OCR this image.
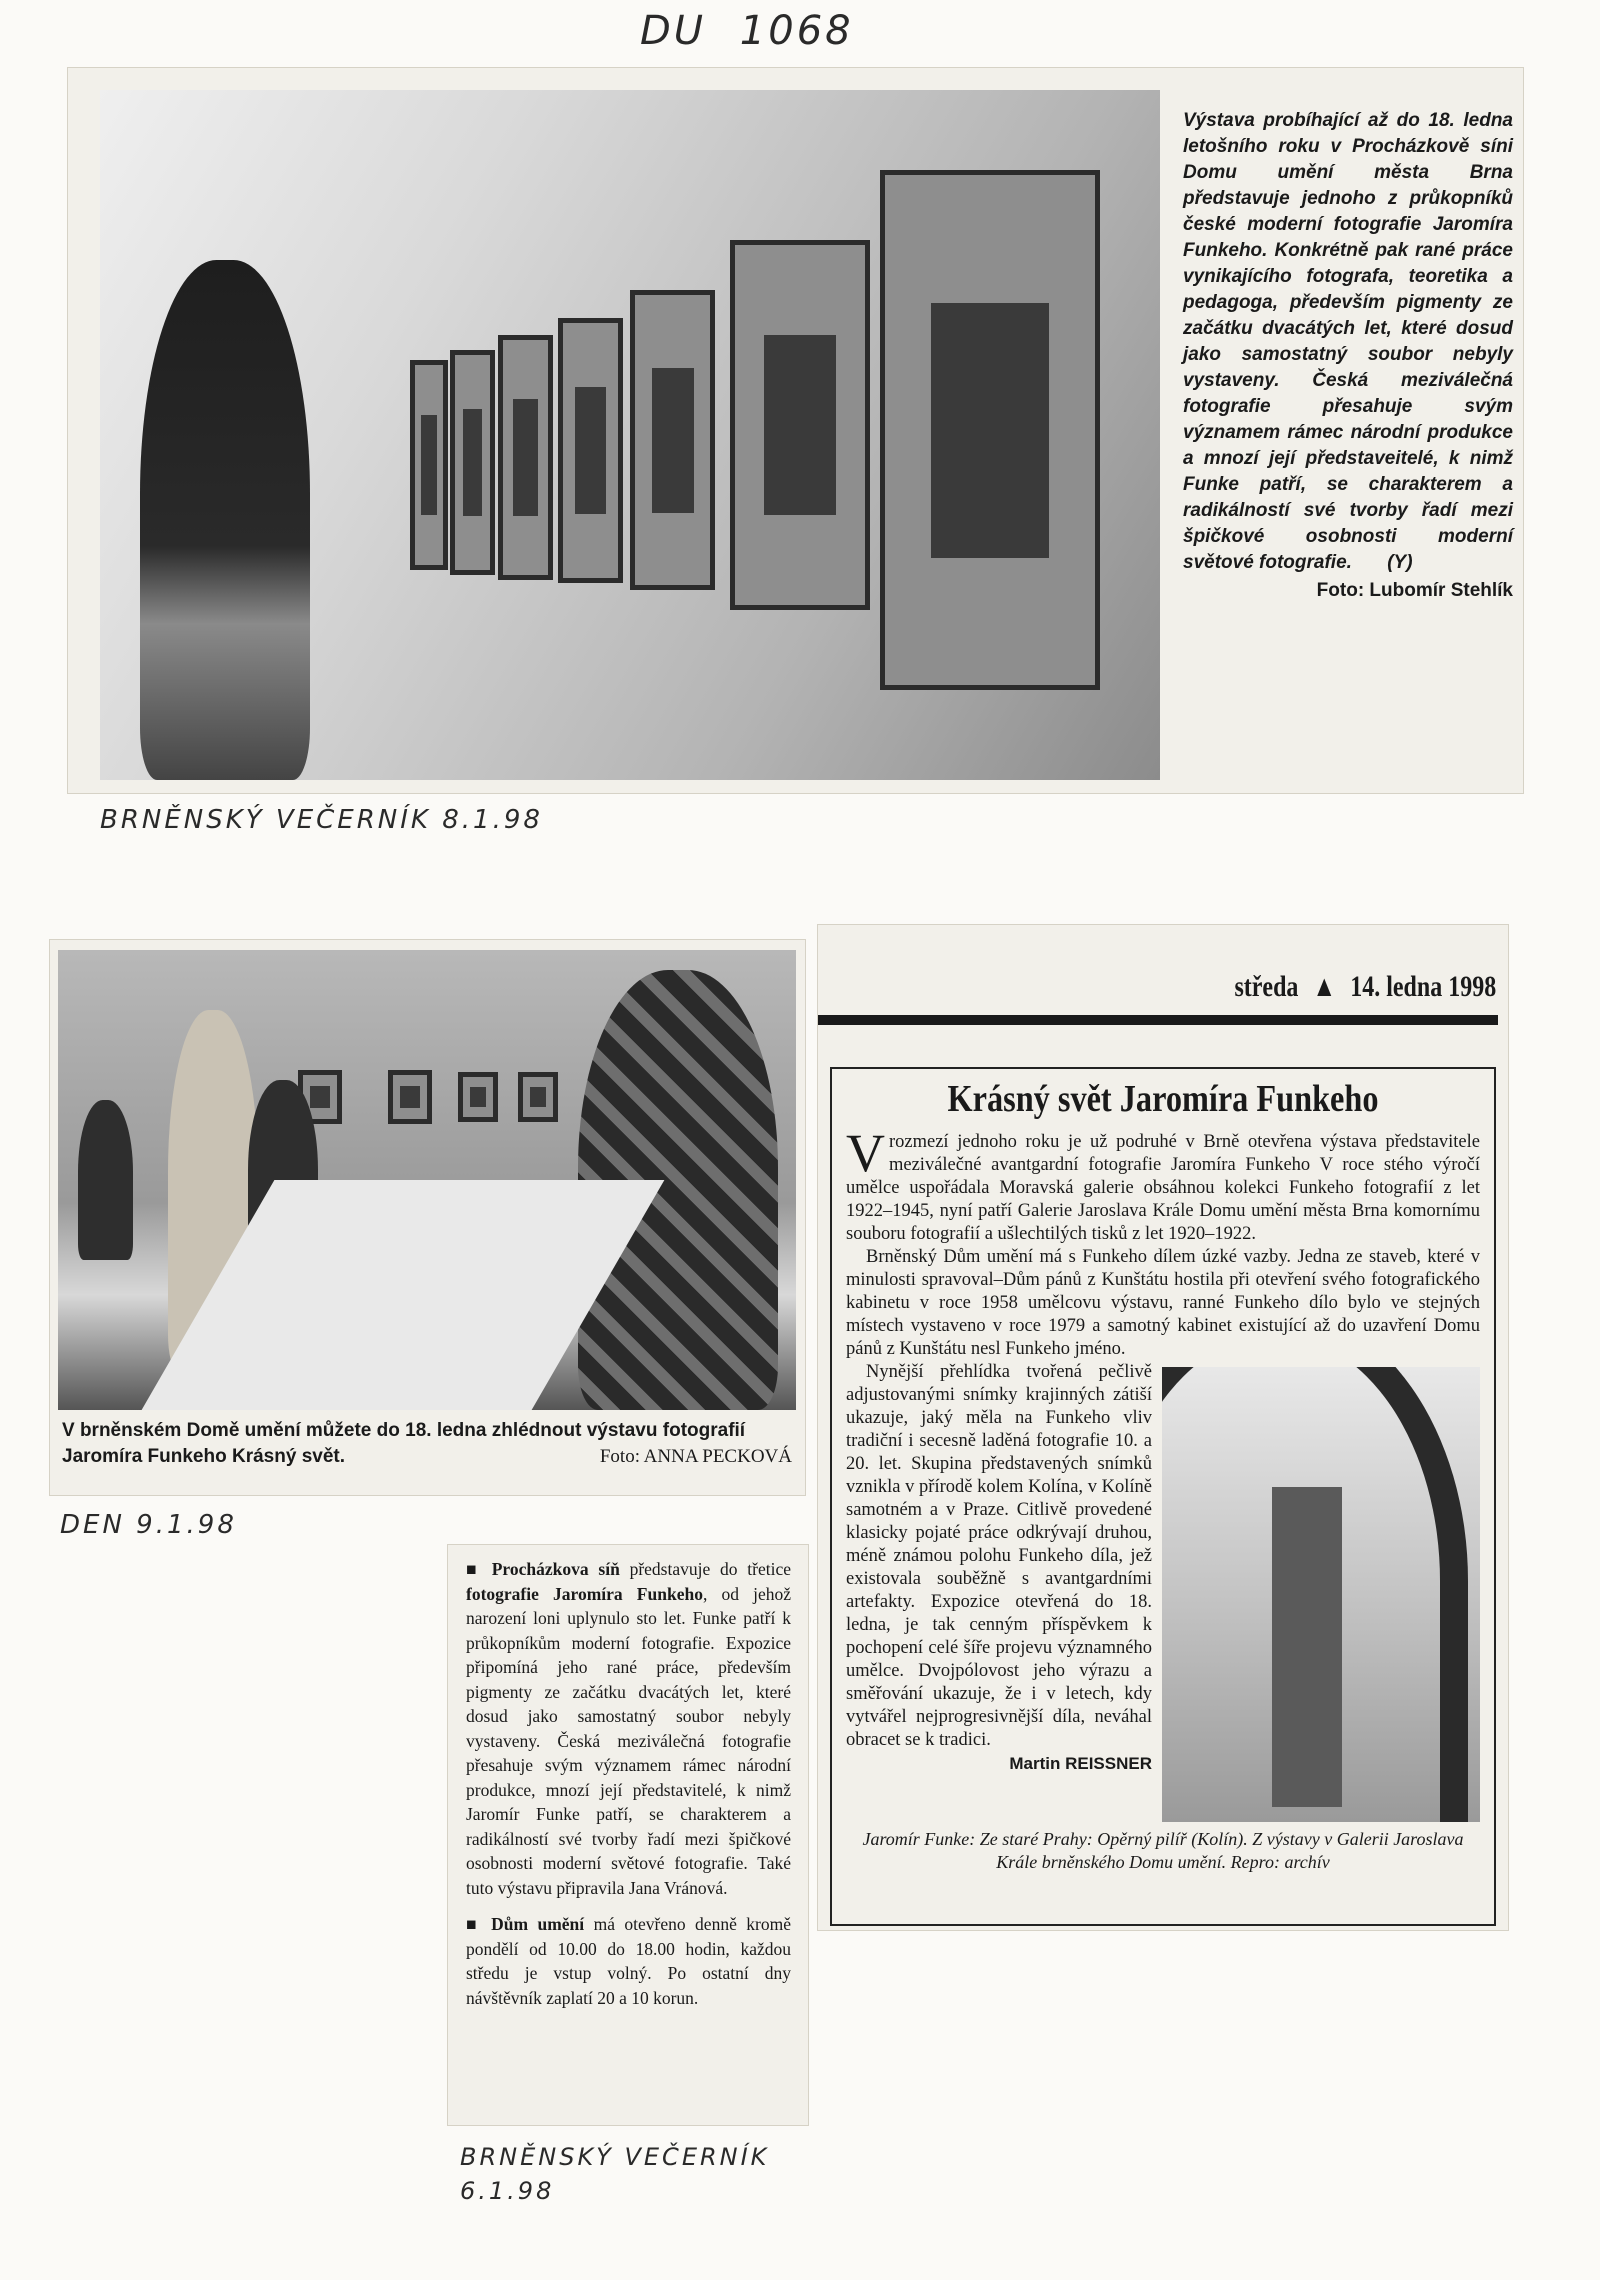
DU 1068
Výstava probíhající až do 18. ledna letošního roku v Procházkově síni Domu umění města Brna představuje jednoho z průkopníků české moderní fotografie Jaromíra Funkeho. Konkrétně pak rané práce vynikajícího fotografa, teoretika a pedagoga, především pigmenty ze začátku dvacátých let, které dosud jako samostatný soubor nebyly vystaveny. Česká meziválečná fotografie přesahuje svým významem rámec národní produkce a mnozí její představeitelé, k nimž Funke patří, se charakterem a radikálností své tvorby řadí mezi špičkové osobnosti moderní světové fotografie. (Y)
Foto: Lubomír Stehlík
BRNĚNSKÝ VEČERNÍK 8.1.98
V brněnském Domě umění můžete do 18. ledna zhlédnout výstavu fotografií Jaromíra Funkeho Krásný svět.	Foto: ANNA PECKOVÁ
DEN 9.1.98

■ Procházkova síň představuje do třetice fotografie Jaromíra Funkeho, od jehož narození loni uplynulo sto let. Funke patří k průkopníkům moderní fotografie. Expozice připomíná jeho rané práce, především pigmenty ze začátku dvacátých let, které dosud jako samostatný soubor nebyly vystaveny. Česká meziválečná fotografie přesahuje svým významem rámec národní produkce, mnozí její představitelé, k nimž Jaromír Funke patří, se charakterem a radikálností své tvorby řadí mezi špičkové osobnosti moderní světové fotografie. Také tuto výstavu připravila Jana Vránová.

■ Dům umění má otevřeno denně kromě pondělí od 10.00 do 18.00 hodin, každou středu je vstup volný. Po ostatní dny návštěvník zaplatí 20 a 10 korun.

BRNĚNSKÝ VEČERNÍK
6.1.98
středa ▲ 14. ledna 1998
Krásný svět Jaromíra Funkeho

Vrozmezí jednoho roku je už podruhé v Brně otevřena výstava představitele meziválečné avantgardní fotografie Jaromíra Funkeho V roce stého výročí umělce uspořádala Moravská galerie obsáhnou kolekci Funkeho fotografií z let 1922–1945, nyní patří Galerie Jaroslava Krále Domu umění města Brna komornímu souboru fotografií a ušlechtilých tisků z let 1920–1922.

Brněnský Dům umění má s Funkeho dílem úzké vazby. Jedna ze staveb, které v minulosti spravoval–Dům pánů z Kunštátu hostila při otevření svého fotografického kabinetu v roce 1958 umělcovu výstavu, ranné Funkeho dílo bylo ve stejných místech vystaveno v roce 1979 a samotný kabinet existující až do uzavření Domu pánů z Kunštátu nesl Funkeho jméno.

Nynější přehlídka tvořená pečlivě adjustovanými snímky krajinných zátiší ukazuje, jaký měla na Funkeho vliv tradiční i secesně laděná fotografie 10. a 20. let. Skupina představených snímků vznikla v přírodě kolem Kolína, v Kolíně samotném a v Praze. Citlivě provedené klasicky pojaté práce odkrývají druhou, méně známou polohu Funkeho díla, jež existovala souběžně s avantgardními artefakty. Expozice otevřená do 18. ledna, je tak cenným příspěvkem k pochopení celé šíře projevu významného umělce. Dvojpólovost jeho výrazu a směřování ukazuje, že i v letech, kdy vytvářel nejprogresivnější díla, neváhal obracet se k tradici.

Martin REISSNER
Jaromír Funke: Ze staré Prahy: Opěrný pilíř (Kolín). Z výstavy v Galerii Jaroslava Krále brněnského Domu umění. Repro: archív
